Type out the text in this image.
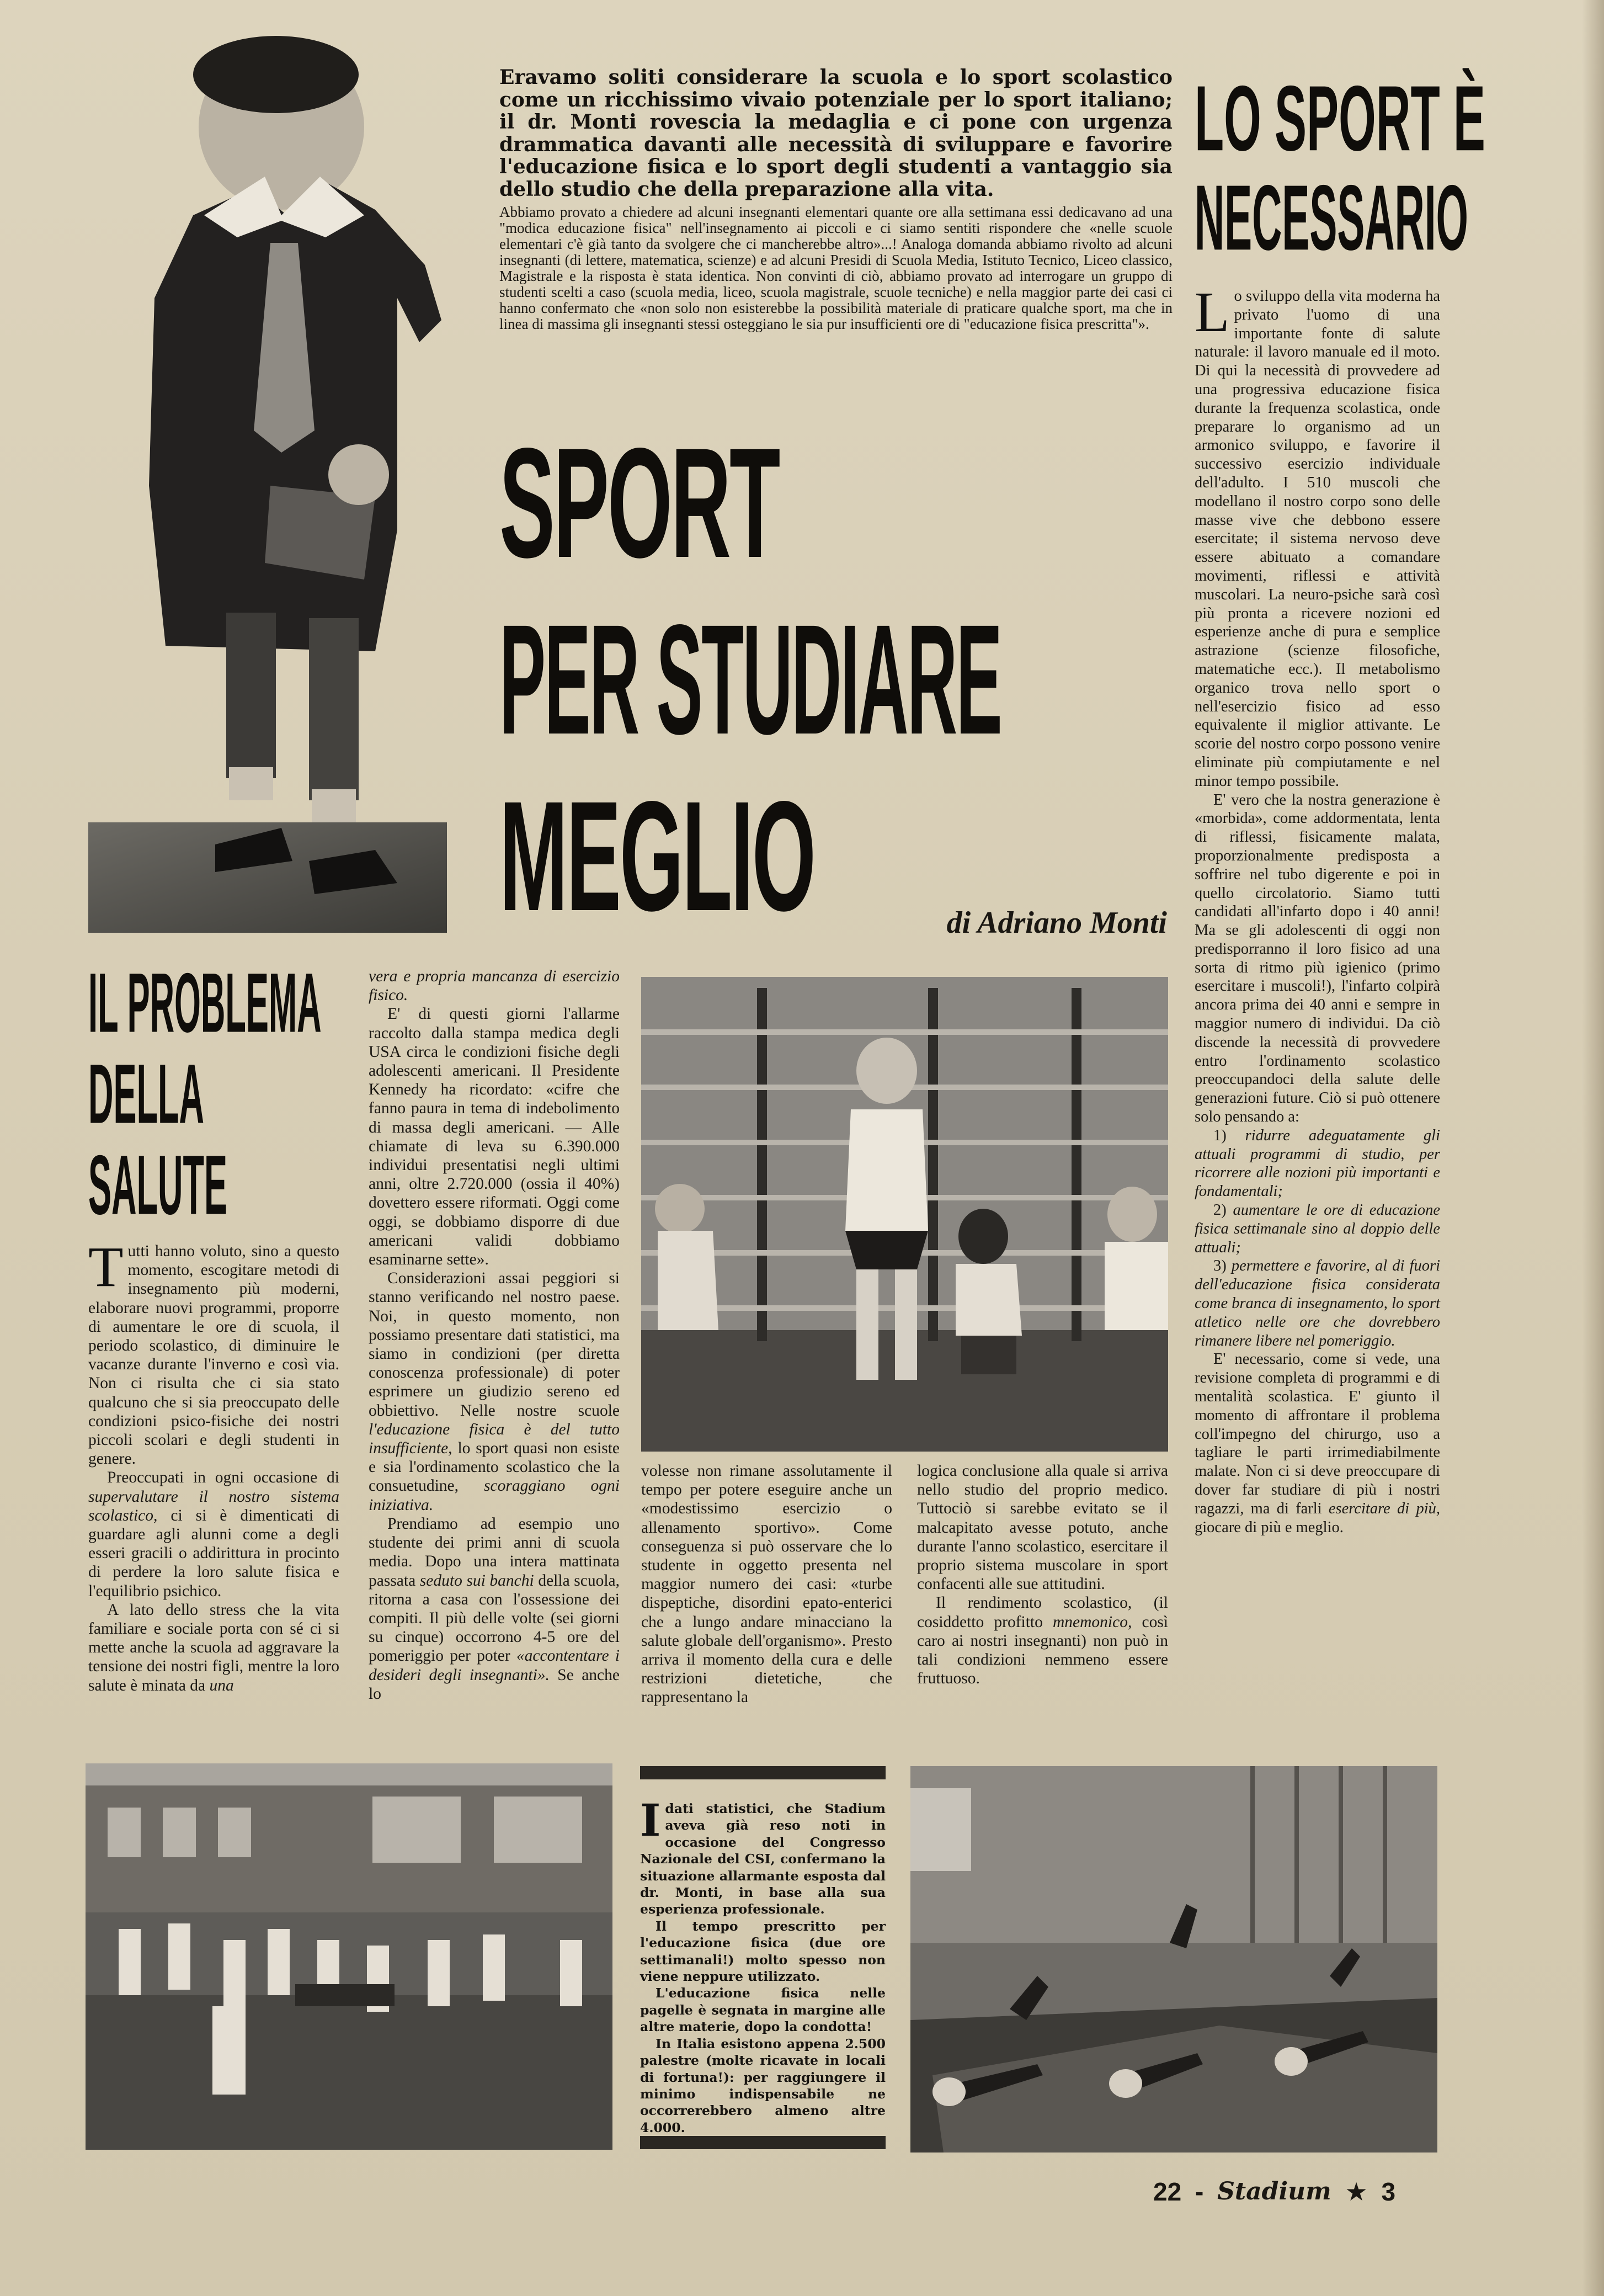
Eravamo soliti considerare la scuola e lo sport scolastico come un ricchissimo vivaio potenziale per lo sport italiano; il dr. Monti rovescia la medaglia e ci pone con urgenza drammatica davanti alle necessità di sviluppare e favorire l'educazione fisica e lo sport degli studenti a vantaggio sia dello studio che della preparazione alla vita.
Abbiamo provato a chiedere ad alcuni insegnanti elementari quante ore alla settimana essi dedicavano ad una "modica educazione fisica" nell'insegnamento ai piccoli e ci siamo sentiti rispondere che «nelle scuole elementari c'è già tanto da svolgere che ci mancherebbe altro»...! Analoga domanda abbiamo rivolto ad alcuni insegnanti (di lettere, matematica, scienze) e ad alcuni Presidi di Scuola Media, Istituto Tecnico, Liceo classico, Magistrale e la risposta è stata identica. Non convinti di ciò, abbiamo provato ad interrogare un gruppo di studenti scelti a caso (scuola media, liceo, scuola magistrale, scuole tecniche) e nella maggior parte dei casi ci hanno confermato che «non solo non esisterebbe la possibilità materiale di praticare qualche sport, ma che in linea di massima gli insegnanti stessi osteggiano le sia pur insufficienti ore di "educazione fisica prescritta"».
LO SPORT È
NECESSARIO
SPORT
PER STUDIARE
MEGLIO	di Adriano Monti
IL PROBLEMA
DELLA
SALUTE

Tutti hanno voluto, sino a questo momento, escogitare metodi di insegnamento più moderni, elaborare nuovi programmi, proporre di aumentare le ore di scuola, il periodo scolastico, di diminuire le vacanze durante l'inverno e così via. Non ci risulta che ci sia stato qualcuno che si sia preoccupato delle condizioni psico-fisiche dei nostri piccoli scolari e degli studenti in genere.

Preoccupati in ogni occasione di supervalutare il nostro sistema scolastico, ci si è dimenticati di guardare agli alunni come a degli esseri gracili o addirittura in procinto di perdere la loro salute fisica e l'equilibrio psichico.

A lato dello stress che la vita familiare e sociale porta con sé ci si mette anche la scuola ad aggravare la tensione dei nostri figli, mentre la loro salute è minata da una

vera e propria mancanza di esercizio fisico.

E' di questi giorni l'allarme raccolto dalla stampa medica degli USA circa le condizioni fisiche degli adolescenti americani. Il Presidente Kennedy ha ricordato: «cifre che fanno paura in tema di indebolimento di massa degli americani. — Alle chiamate di leva su 6.390.000 individui presentatisi negli ultimi anni, oltre 2.720.000 (ossia il 40%) dovettero essere riformati. Oggi come oggi, se dobbiamo disporre di due americani validi dobbiamo esaminarne sette».

Considerazioni assai peggiori si stanno verificando nel nostro paese. Noi, in questo momento, non possiamo presentare dati statistici, ma siamo in condizioni (per diretta conoscenza professionale) di poter esprimere un giudizio sereno ed obbiettivo. Nelle nostre scuole l'educazione fisica è del tutto insufficiente, lo sport quasi non esiste e sia l'ordinamento scolastico che la consuetudine, scoraggiano ogni iniziativa.

Prendiamo ad esempio uno studente dei primi anni di scuola media. Dopo una intera mattinata passata seduto sui banchi della scuola, ritorna a casa con l'ossessione dei compiti. Il più delle volte (sei giorni su cinque) occorrono 4-5 ore del pomeriggio per poter «accontentare i desideri degli insegnanti». Se anche lo

volesse non rimane assolutamente il tempo per potere eseguire anche un «modestissimo esercizio o allenamento sportivo». Come conseguenza si può osservare che lo studente in oggetto presenta nel maggior numero dei casi: «turbe dispeptiche, disordini epato-enterici che a lungo andare minacciano la salute globale dell'organismo». Presto arriva il momento della cura e delle restrizioni dietetiche, che rappresentano la

logica conclusione alla quale si arriva nello studio del proprio medico. Tuttociò si sarebbe evitato se il malcapitato avesse potuto, anche durante l'anno scolastico, esercitare il proprio sistema muscolare in sport confacenti alle sue attitudini.

Il rendimento scolastico, (il cosiddetto profitto mnemonico, così caro ai nostri insegnanti) non può in tali condizioni nemmeno essere fruttuoso.

Lo sviluppo della vita moderna ha privato l'uomo di una importante fonte di salute naturale: il lavoro manuale ed il moto. Di qui la necessità di provvedere ad una progressiva educazione fisica durante la frequenza scolastica, onde preparare lo organismo ad un armonico sviluppo, e favorire il successivo esercizio individuale dell'adulto. I 510 muscoli che modellano il nostro corpo sono delle masse vive che debbono essere esercitate; il sistema nervoso deve essere abituato a comandare movimenti, riflessi e attività muscolari. La neuro-psiche sarà così più pronta a ricevere nozioni ed esperienze anche di pura e semplice astrazione (scienze filosofiche, matematiche ecc.). Il metabolismo organico trova nello sport o nell'esercizio fisico ad esso equivalente il miglior attivante. Le scorie del nostro corpo possono venire eliminate più compiutamente e nel minor tempo possibile.

E' vero che la nostra generazione è «morbida», come addormentata, lenta di riflessi, fisicamente malata, proporzionalmente predisposta a soffrire nel tubo digerente e poi in quello circolatorio. Siamo tutti candidati all'infarto dopo i 40 anni! Ma se gli adolescenti di oggi non predisporranno il loro fisico ad una sorta di ritmo più igienico (primo esercitare i muscoli!), l'infarto colpirà ancora prima dei 40 anni e sempre in maggior numero di individui. Da ciò discende la necessità di provvedere entro l'ordinamento scolastico preoccupandoci della salute delle generazioni future. Ciò si può ottenere solo pensando a:

1) ridurre adeguatamente gli attuali programmi di studio, per ricorrere alle nozioni più importanti e fondamentali;

2) aumentare le ore di educazione fisica settimanale sino al doppio delle attuali;

3) permettere e favorire, al di fuori dell'educazione fisica considerata come branca di insegnamento, lo sport atletico nelle ore che dovrebbero rimanere libere nel pomeriggio.

E' necessario, come si vede, una revisione completa di programmi e di mentalità scolastica. E' giunto il momento di affrontare il problema coll'impegno del chirurgo, uso a tagliare le parti irrimediabilmente malate. Non ci si deve preoccupare di dover far studiare di più i nostri ragazzi, ma di farli esercitare di più, giocare di più e meglio.

Idati statistici, che Stadium aveva già reso noti in occasione del Congresso Nazionale del CSI, confermano la situazione allarmante esposta dal dr. Monti, in base alla sua esperienza professionale.

Il tempo prescritto per l'educazione fisica (due ore settimanali!) molto spesso non viene neppure utilizzato.

L'educazione fisica nelle pagelle è segnata in margine alle altre materie, dopo la condotta!

In Italia esistono appena 2.500 palestre (molte ricavate in locali di fortuna!): per raggiungere il minimo indispensabile ne occorrerebbero almeno altre 4.000.

22 - Stadium ★ 3
